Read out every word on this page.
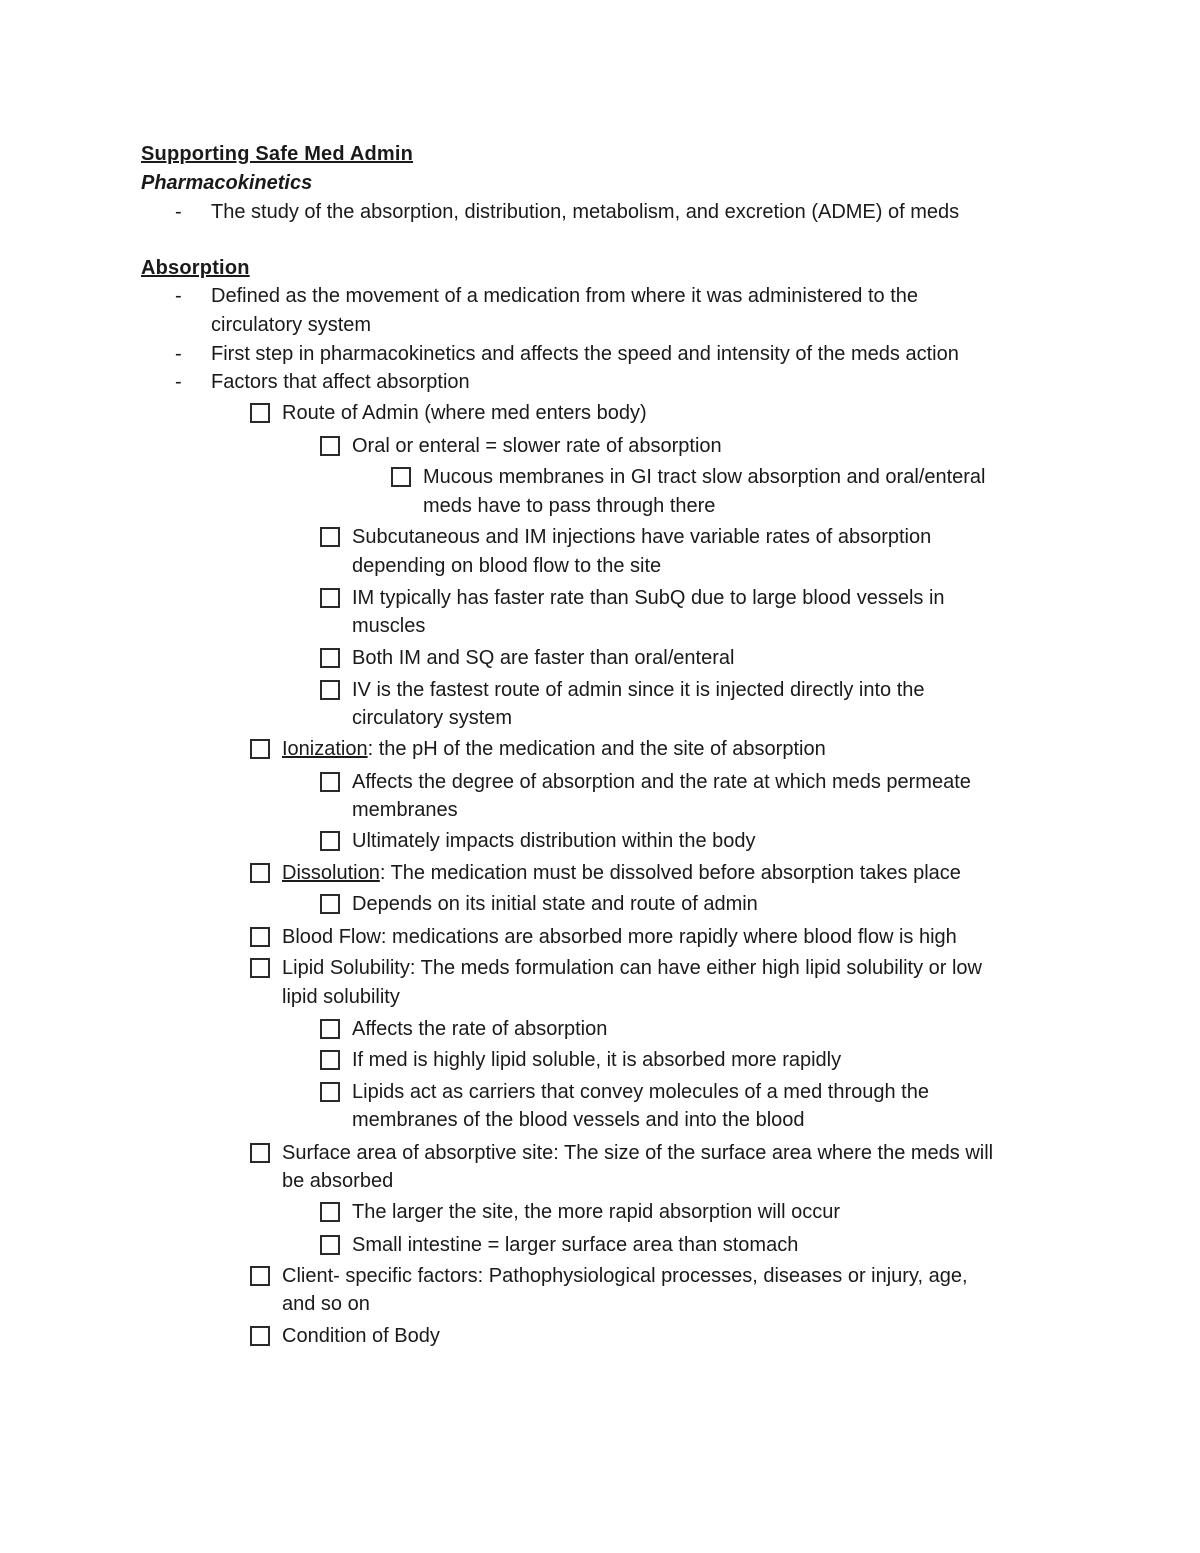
Supporting Safe Med Admin
Pharmacokinetics
- The study of the absorption, distribution, metabolism, and excretion (ADME) of meds
Absorption
- Defined as the movement of a medication from where it was administered to the
circulatory system
- First step in pharmacokinetics and affects the speed and intensity of the meds action
- Factors that affect absorption
Route of Admin (where med enters body)
Oral or enteral = slower rate of absorption
Mucous membranes in GI tract slow absorption and oral/enteral
meds have to pass through there
Subcutaneous and IM injections have variable rates of absorption
depending on blood flow to the site
IM typically has faster rate than SubQ due to large blood vessels in
muscles
Both IM and SQ are faster than oral/enteral
IV is the fastest route of admin since it is injected directly into the
circulatory system
Ionization: the pH of the medication and the site of absorption
Affects the degree of absorption and the rate at which meds permeate
membranes
Ultimately impacts distribution within the body
Dissolution: The medication must be dissolved before absorption takes place
Depends on its initial state and route of admin
Blood Flow: medications are absorbed more rapidly where blood flow is high
Lipid Solubility: The meds formulation can have either high lipid solubility or low
lipid solubility
Affects the rate of absorption
If med is highly lipid soluble, it is absorbed more rapidly
Lipids act as carriers that convey molecules of a med through the
membranes of the blood vessels and into the blood
Surface area of absorptive site: The size of the surface area where the meds will
be absorbed
The larger the site, the more rapid absorption will occur
Small intestine = larger surface area than stomach
Client- specific factors: Pathophysiological processes, diseases or injury, age,
and so on
Condition of Body
